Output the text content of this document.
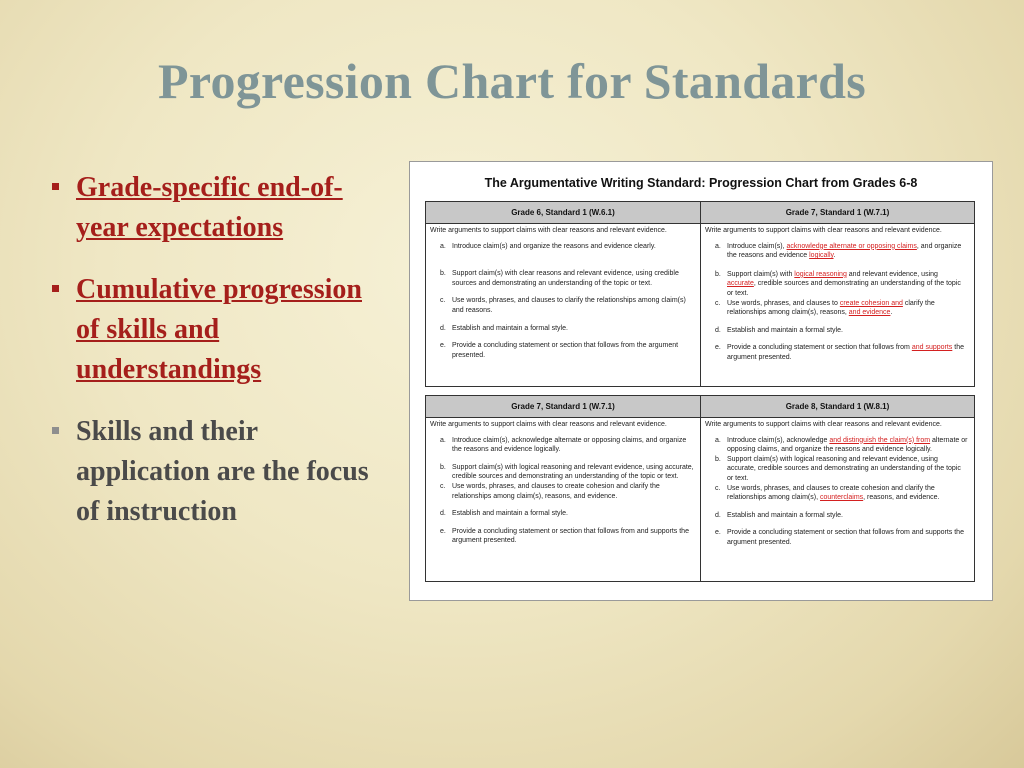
Progression Chart for Standards
Grade-specific end-of-year expectations
Cumulative progression of skills and understandings
Skills and their application are the focus of instruction
The Argumentative Writing Standard: Progression Chart from Grades 6-8
Grade 6, Standard 1 (W.6.1)
Write arguments to support claims with clear reasons and relevant evidence.
a. Introduce claim(s) and organize the reasons and evidence clearly.
b. Support claim(s) with clear reasons and relevant evidence, using credible sources and demonstrating an understanding of the topic or text.
c. Use words, phrases, and clauses to clarify the relationships among claim(s) and reasons.
d. Establish and maintain a formal style.
e. Provide a concluding statement or section that follows from the argument presented.
Grade 7, Standard 1 (W.7.1)
Write arguments to support claims with clear reasons and relevant evidence.
a. Introduce claim(s), acknowledge alternate or opposing claims, and organize the reasons and evidence logically.
b. Support claim(s) with logical reasoning and relevant evidence, using accurate, credible sources and demonstrating an understanding of the topic or text.
c. Use words, phrases, and clauses to create cohesion and clarify the relationships among claim(s), reasons, and evidence.
d. Establish and maintain a formal style.
e. Provide a concluding statement or section that follows from and supports the argument presented.
Grade 7, Standard 1 (W.7.1)
Write arguments to support claims with clear reasons and relevant evidence.
a. Introduce claim(s), acknowledge alternate or opposing claims, and organize the reasons and evidence logically.
b. Support claim(s) with logical reasoning and relevant evidence, using accurate, credible sources and demonstrating an understanding of the topic or text.
c. Use words, phrases, and clauses to create cohesion and clarify the relationships among claim(s), reasons, and evidence.
d. Establish and maintain a formal style.
e. Provide a concluding statement or section that follows from and supports the argument presented.
Grade 8, Standard 1 (W.8.1)
Write arguments to support claims with clear reasons and relevant evidence.
a. Introduce claim(s), acknowledge and distinguish the claim(s) from alternate or opposing claims, and organize the reasons and evidence logically.
b. Support claim(s) with logical reasoning and relevant evidence, using accurate, credible sources and demonstrating an understanding of the topic or text.
c. Use words, phrases, and clauses to create cohesion and clarify the relationships among claim(s), counterclaims, reasons, and evidence.
d. Establish and maintain a formal style.
e. Provide a concluding statement or section that follows from and supports the argument presented.
